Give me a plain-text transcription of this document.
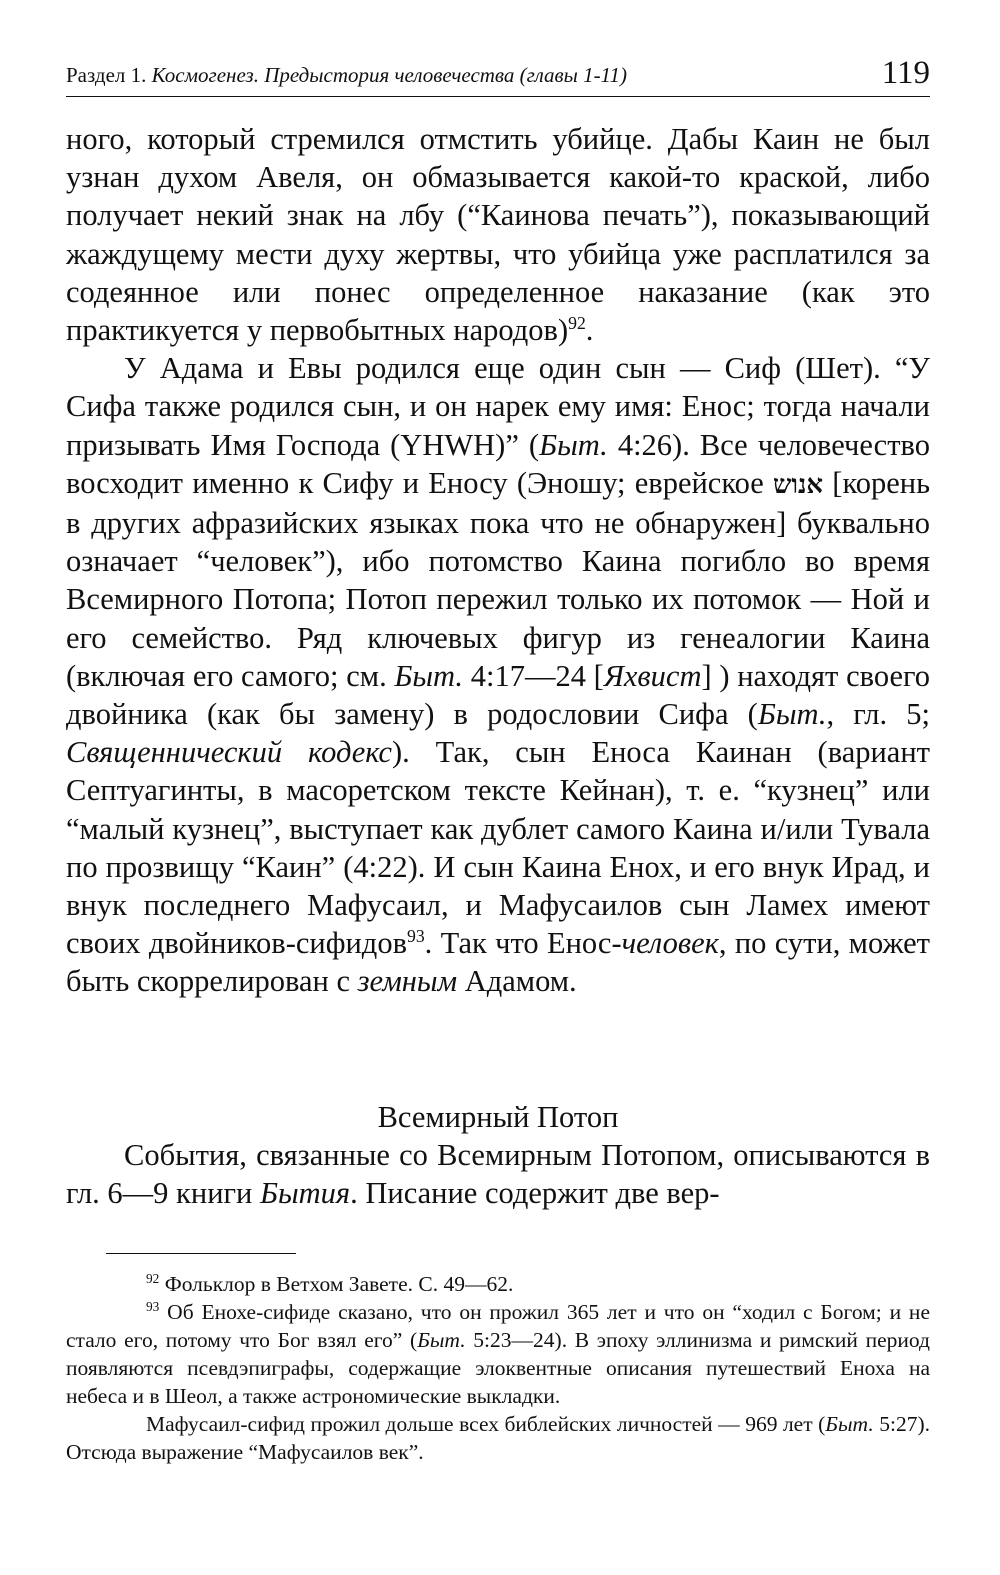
Раздел 1. Космогенез. Предыстория человечества (главы 1-11)	119

ного, который стремился отмстить убийце. Дабы Каин не был узнан духом Авеля, он обмазывается какой-то краской, либо получает некий знак на лбу (“Каинова печать”), показывающий жаждущему мести духу жертвы, что убийца уже расплатился за содеянное или понес определенное наказание (как это практикуется у первобытных народов)$^{92}$.

У Адама и Евы родился еще один сын — Сиф (Шет). “У Сифа также родился сын, и он нарек ему имя: Енос; тогда начали призывать Имя Господа (YHWH)” (Быт. 4:26). Все человечество восходит именно к Сифу и Еносу (Эношу; еврейское אנוש [корень в других афразийских языках пока что не обнаружен] буквально означает “человек”), ибо потомство Каина погибло во время Всемирного Потопа; Потоп пережил только их потомок — Ной и его семейство. Ряд ключевых фигур из генеалогии Каина (включая его самого; см. Быт. 4:17—24 [Яхвист] ) находят своего двойника (как бы замену) в родословии Сифа (Быт., гл. 5; Священнический кодекс). Так, сын Еноса Каинан (вариант Септуагинты, в масоретском тексте Кейнан), т. е. “кузнец” или “малый кузнец”, выступает как дублет самого Каина и/или Тувала по прозвищу “Каин” (4:22). И сын Каина Енох, и его внук Ирад, и внук последнего Мафусаил, и Мафусаилов сын Ламех имеют своих двойников-сифидов$^{93}$. Так что Енос-человек, по сути, может быть скоррелирован с земным Адамом.

Всемирный Потоп

События, связанные со Всемирным Потопом, описываются в гл. 6—9 книги Бытия. Писание содержит две вер-

$^{92}$ Фольклор в Ветхом Завете. С. 49—62.

$^{93}$ Об Енохе-сифиде сказано, что он прожил 365 лет и что он “ходил с Богом; и не стало его, потому что Бог взял его” (Быт. 5:23—24). В эпоху эллинизма и римский период появляются псевдэпиграфы, содержащие элоквентные описания путешествий Еноха на небеса и в Шеол, а также астрономические выкладки.

Мафусаил-сифид прожил дольше всех библейских личностей — 969 лет (Быт. 5:27). Отсюда выражение “Мафусаилов век”.
